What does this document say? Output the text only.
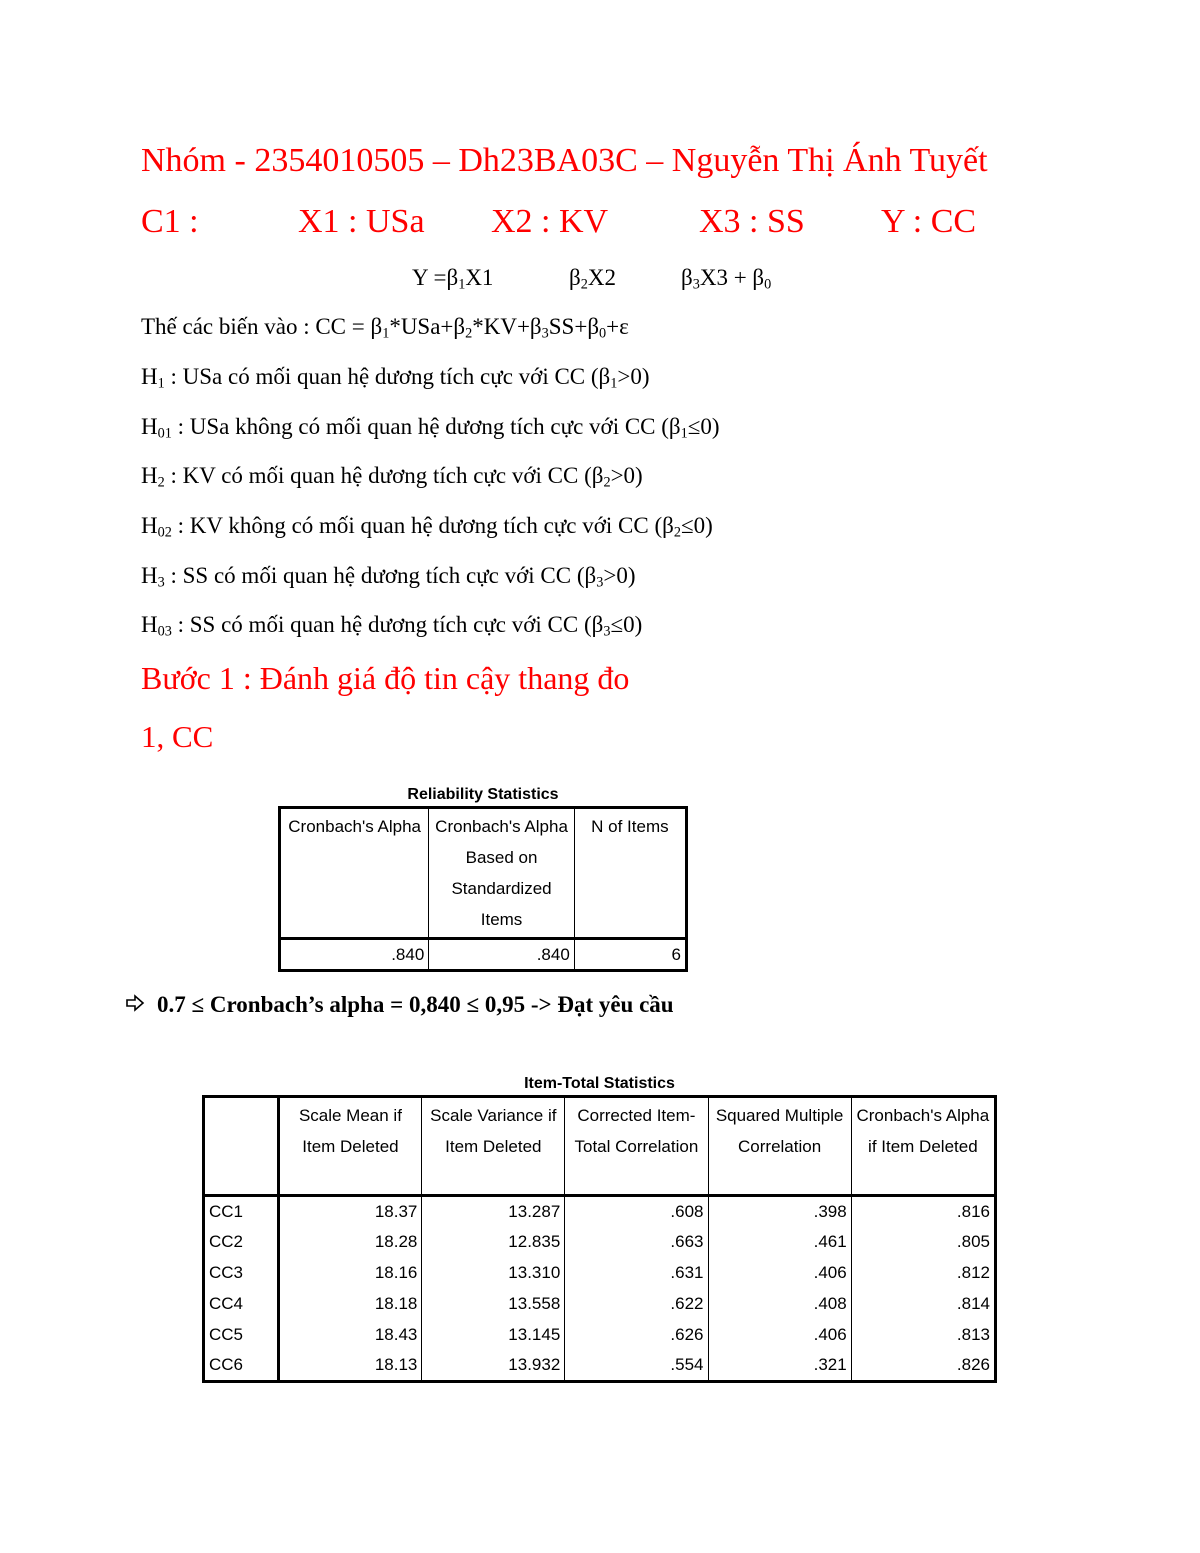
Nhóm - 2354010505 – Dh23BA03C – Nguyễn Thị Ánh Tuyết
C1 :	X1 : USa X2 : KV	X3 : SS Y : CC
$Y =\beta_1X1$	$\beta_2X2$	$\beta_3X3 + \beta_0$
Thế các biến vào : CC = $\beta_1*USa+\beta_2*KV+\beta_3SS+\beta_0+\varepsilon$
$H_1$ : USa có mối quan hệ dương tích cực với CC $(\beta_1>0)$
$H_{01}$ : USa không có mối quan hệ dương tích cực với CC $(\beta_1\le 0)$
$H_2$ : KV có mối quan hệ dương tích cực với CC $(\beta_2>0)$
$H_{02}$ : KV không có mối quan hệ dương tích cực với CC $(\beta_2\le 0)$
$H_3$ : SS có mối quan hệ dương tích cực với CC $(\beta_3>0)$
$H_{03}$ : SS có mối quan hệ dương tích cực với CC $(\beta_3\le 0)$
Bước 1 : Đánh giá độ tin cậy thang đo
1, CC
Reliability Statistics
Cronbach's Alpha	Cronbach's Alpha Based on Standardized Items	N of Items
.840	.840	6
0.7 ≤ Cronbach’s alpha = 0,840 ≤ 0,95 -> Đạt yêu cầu
Item-Total Statistics
	Scale Mean if Item Deleted	Scale Variance if Item Deleted	Corrected Item-Total Correlation	Squared Multiple Correlation	Cronbach's Alpha if Item Deleted
CC1	18.37	13.287	.608	.398	.816
CC2	18.28	12.835	.663	.461	.805
CC3	18.16	13.310	.631	.406	.812
CC4	18.18	13.558	.622	.408	.814
CC5	18.43	13.145	.626	.406	.813
CC6	18.13	13.932	.554	.321	.826
